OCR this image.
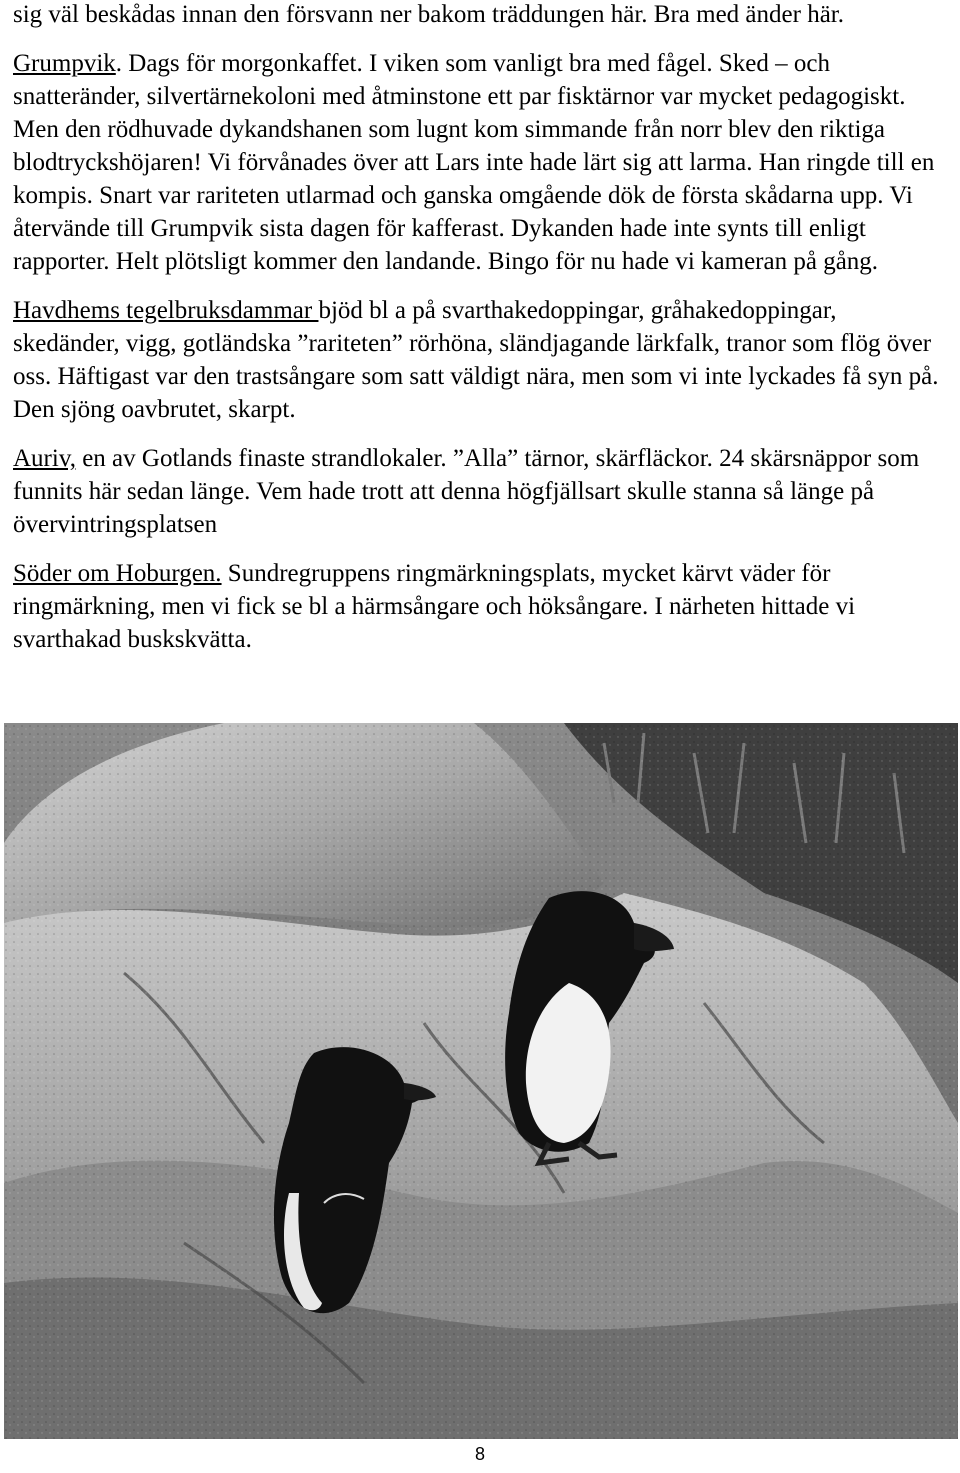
sig väl beskådas innan den försvann ner bakom träddungen här. Bra med änder här.

Grumpvik. Dags för morgonkaffet. I viken som vanligt bra med fågel. Sked – och snatteränder, silvertärnekoloni med åtminstone ett par fisktärnor var mycket pedagogiskt. Men den rödhuvade dykandshanen som lugnt kom simmande från norr blev den riktiga blodtryckshöjaren! Vi förvånades över att Lars inte hade lärt sig att larma. Han ringde till en kompis. Snart var rariteten utlarmad och ganska omgående dök de första skådarna upp. Vi återvände till Grumpvik sista dagen för kafferast. Dykanden hade inte synts till enligt rapporter. Helt plötsligt kommer den landande. Bingo för nu hade vi kameran på gång.

Havdhems tegelbruksdammar bjöd bl a på svarthakedoppingar, gråhakedoppingar, skedänder, vigg, gotländska ”rariteten” rörhöna, sländjagande lärkfalk, tranor som flög över oss. Häftigast var den trastsångare som satt väldigt nära, men som vi inte lyckades få syn på. Den sjöng oavbrutet, skarpt.

Auriv, en av Gotlands finaste strandlokaler. ”Alla” tärnor, skärfläckor. 24 skärsnäppor som funnits här sedan länge. Vem hade trott att denna högfjällsart skulle stanna så länge på övervintringsplatsen

Söder om Hoburgen. Sundregruppens ringmärkningsplats, mycket kärvt väder för ringmärkning, men vi fick se bl a härmsångare och höksångare. I närheten hittade vi svarthakad buskskvätta.

8
